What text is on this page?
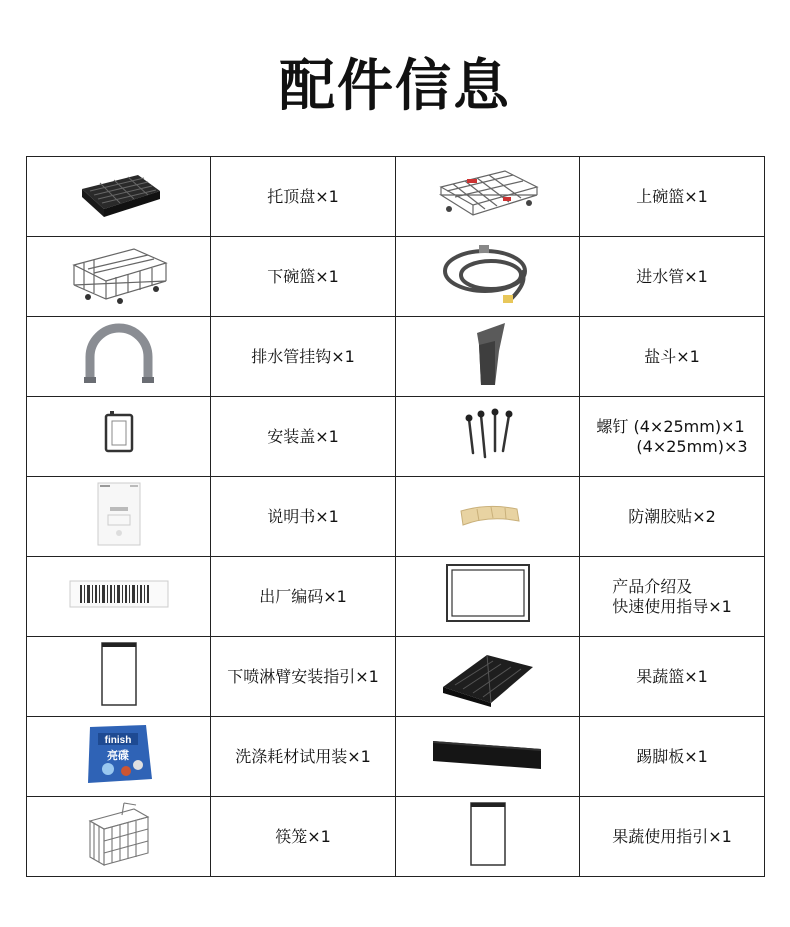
配件信息
	托顶盘×1		上碗篮×1

	下碗篮×1		进水管×1

	排水管挂钩×1		盐斗×1

	安装盖×1		螺钉 (4×25mm)×1
(4×25mm)×3

	说明书×1		防潮胶贴×2

	出厂编码×1		产品介绍及
快速使用指导×1

	下喷淋臂安装指引×1		果蔬篮×1

finish
亮碟	洗涤耗材试用装×1		踢脚板×1

	筷笼×1		果蔬使用指引×1
